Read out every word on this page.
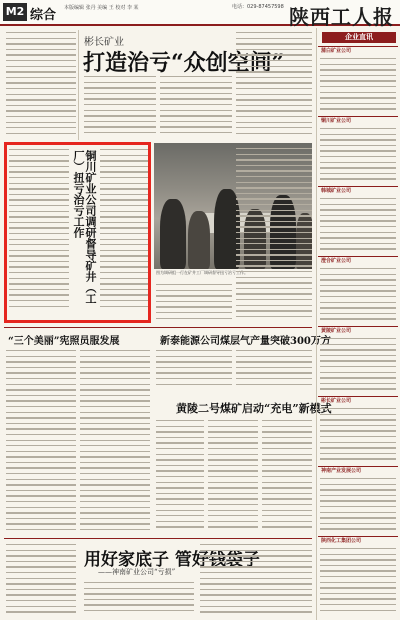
M2 综合 本版编辑 张丹 美编 王 校对 李 某	电话：029-87457598 陕西工人报
彬长矿业
打造治亏“众创空间”
铜川矿业公司调研督导矿井（工厂）扭亏治亏工作
图为调研组一行在矿井工厂调研督导扭亏治亏工作。
“三个美丽”宪照员服发展	新泰能源公司煤层气产量突破300万方
黄陵二号煤矿启动“充电”新模式
用好家底子 管好钱袋子
——神南矿业公司“亏损”
企业直讯
蒲白矿业公司
铜川矿业公司
韩城矿业公司
澄合矿业公司
黄陵矿业公司
彬长矿业公司
神南产业发展公司
陕西化工集团公司
